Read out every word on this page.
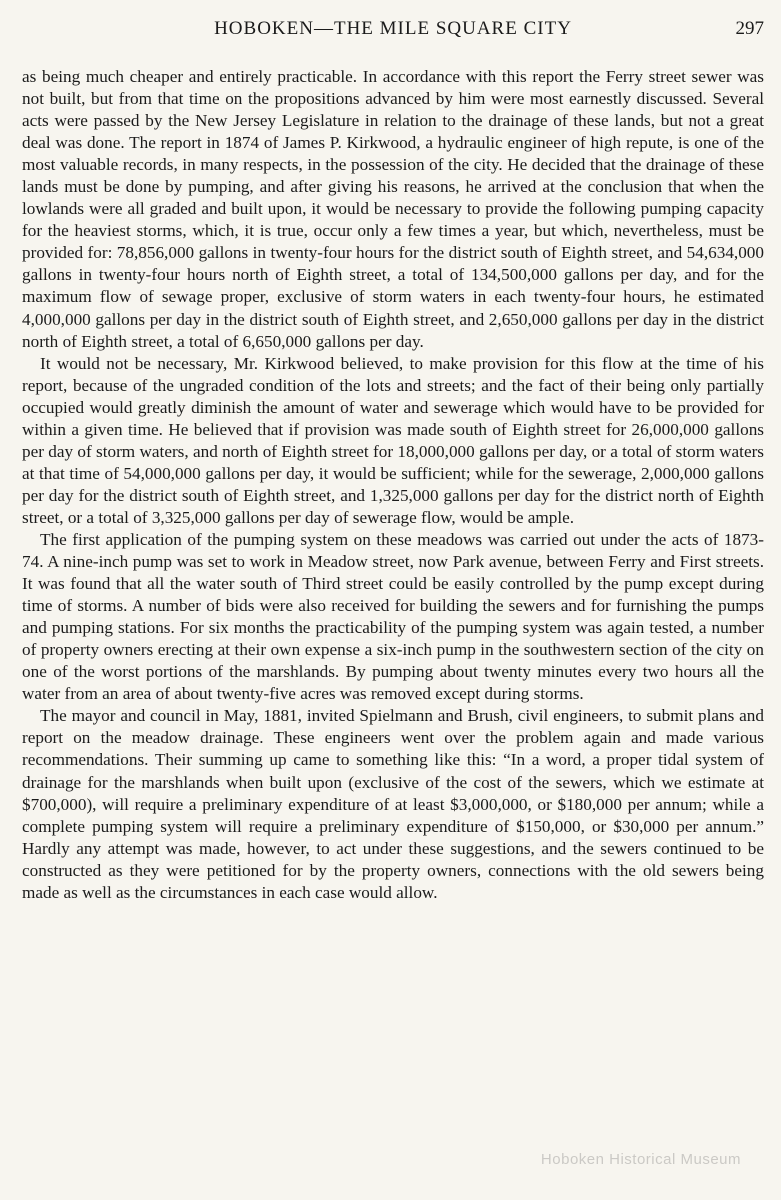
HOBOKEN—THE MILE SQUARE CITY	297

as being much cheaper and entirely practicable. In accordance with this report the Ferry street sewer was not built, but from that time on the propositions advanced by him were most earnestly discussed. Several acts were passed by the New Jersey Legislature in relation to the drainage of these lands, but not a great deal was done. The report in 1874 of James P. Kirkwood, a hydraulic engineer of high repute, is one of the most valuable records, in many respects, in the possession of the city. He decided that the drainage of these lands must be done by pumping, and after giving his reasons, he arrived at the conclusion that when the lowlands were all graded and built upon, it would be necessary to provide the following pumping capacity for the heaviest storms, which, it is true, occur only a few times a year, but which, nevertheless, must be provided for: 78,856,000 gallons in twenty-four hours for the district south of Eighth street, and 54,634,000 gallons in twenty-four hours north of Eighth street, a total of 134,500,000 gallons per day, and for the maximum flow of sewage proper, exclusive of storm waters in each twenty-four hours, he estimated 4,000,000 gallons per day in the district south of Eighth street, and 2,650,000 gallons per day in the district north of Eighth street, a total of 6,650,000 gallons per day.

It would not be necessary, Mr. Kirkwood believed, to make provision for this flow at the time of his report, because of the ungraded condition of the lots and streets; and the fact of their being only partially occupied would greatly diminish the amount of water and sewerage which would have to be provided for within a given time. He believed that if provision was made south of Eighth street for 26,000,000 gallons per day of storm waters, and north of Eighth street for 18,000,000 gallons per day, or a total of storm waters at that time of 54,000,000 gallons per day, it would be sufficient; while for the sewerage, 2,000,000 gallons per day for the district south of Eighth street, and 1,325,000 gallons per day for the district north of Eighth street, or a total of 3,325,000 gallons per day of sewerage flow, would be ample.

The first application of the pumping system on these meadows was carried out under the acts of 1873-74. A nine-inch pump was set to work in Meadow street, now Park avenue, between Ferry and First streets. It was found that all the water south of Third street could be easily controlled by the pump except during time of storms. A number of bids were also received for building the sewers and for furnishing the pumps and pumping stations. For six months the practicability of the pumping system was again tested, a number of property owners erecting at their own expense a six-inch pump in the southwestern section of the city on one of the worst portions of the marshlands. By pumping about twenty minutes every two hours all the water from an area of about twenty-five acres was removed except during storms.

The mayor and council in May, 1881, invited Spielmann and Brush, civil engineers, to submit plans and report on the meadow drainage. These engineers went over the problem again and made various recommendations. Their summing up came to something like this: “In a word, a proper tidal system of drainage for the marshlands when built upon (exclusive of the cost of the sewers, which we estimate at $700,000), will require a preliminary expenditure of at least $3,000,000, or $180,000 per annum; while a complete pumping system will require a preliminary expenditure of $150,000, or $30,000 per annum.” Hardly any attempt was made, however, to act under these suggestions, and the sewers continued to be constructed as they were petitioned for by the property owners, connections with the old sewers being made as well as the circumstances in each case would allow.

Hoboken Historical Museum
